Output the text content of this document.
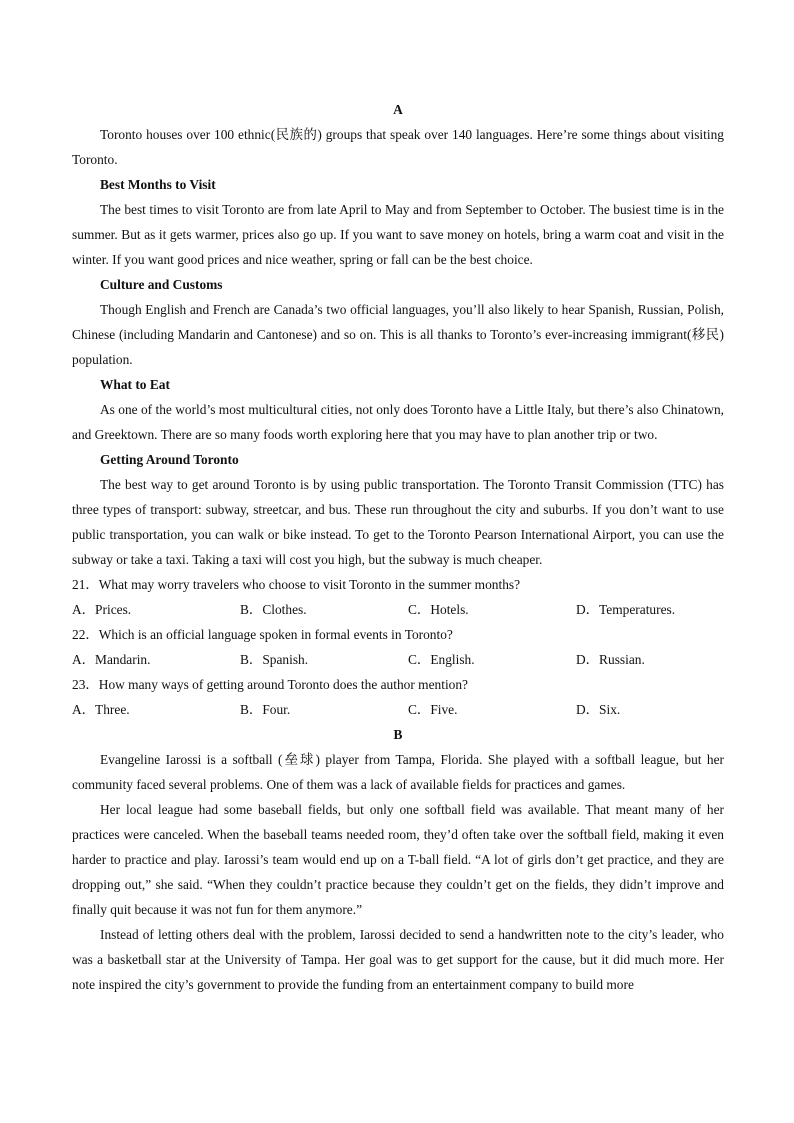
A

Toronto houses over 100 ethnic(民族的) groups that speak over 140 languages. Here’re some things about visiting Toronto.

Best Months to Visit

The best times to visit Toronto are from late April to May and from September to October. The busiest time is in the summer. But as it gets warmer, prices also go up. If you want to save money on hotels, bring a warm coat and visit in the winter. If you want good prices and nice weather, spring or fall can be the best choice.

Culture and Customs

Though English and French are Canada’s two official languages, you’ll also likely to hear Spanish, Russian, Polish, Chinese (including Mandarin and Cantonese) and so on. This is all thanks to Toronto’s ever-increasing immigrant(移民) population.

What to Eat

As one of the world’s most multicultural cities, not only does Toronto have a Little Italy, but there’s also Chinatown, and Greektown. There are so many foods worth exploring here that you may have to plan another trip or two.

Getting Around Toronto

The best way to get around Toronto is by using public transportation. The Toronto Transit Commission (TTC) has three types of transport: subway, streetcar, and bus. These run throughout the city and suburbs. If you don’t want to use public transportation, you can walk or bike instead. To get to the Toronto Pearson International Airport, you can use the subway or take a taxi. Taking a taxi will cost you high, but the subway is much cheaper.

21．What may worry travelers who choose to visit Toronto in the summer months?
A．Prices.	B．Clothes.	C．Hotels.	D．Temperatures.
22．Which is an official language spoken in formal events in Toronto?
A．Mandarin.	B．Spanish.	C．English.	D．Russian.
23．How many ways of getting around Toronto does the author mention?
A．Three.	B．Four.	C．Five.	D．Six.
B

Evangeline Iarossi is a softball (垒球) player from Tampa, Florida. She played with a softball league, but her community faced several problems. One of them was a lack of available fields for practices and games.

Her local league had some baseball fields, but only one softball field was available. That meant many of her practices were canceled. When the baseball teams needed room, they’d often take over the softball field, making it even harder to practice and play. Iarossi’s team would end up on a T-ball field. “A lot of girls don’t get practice, and they are dropping out,” she said. “When they couldn’t practice because they couldn’t get on the fields, they didn’t improve and finally quit because it was not fun for them anymore.”

Instead of letting others deal with the problem, Iarossi decided to send a handwritten note to the city’s leader, who was a basketball star at the University of Tampa. Her goal was to get support for the cause, but it did much more. Her note inspired the city’s government to provide the funding from an entertainment company to build more
